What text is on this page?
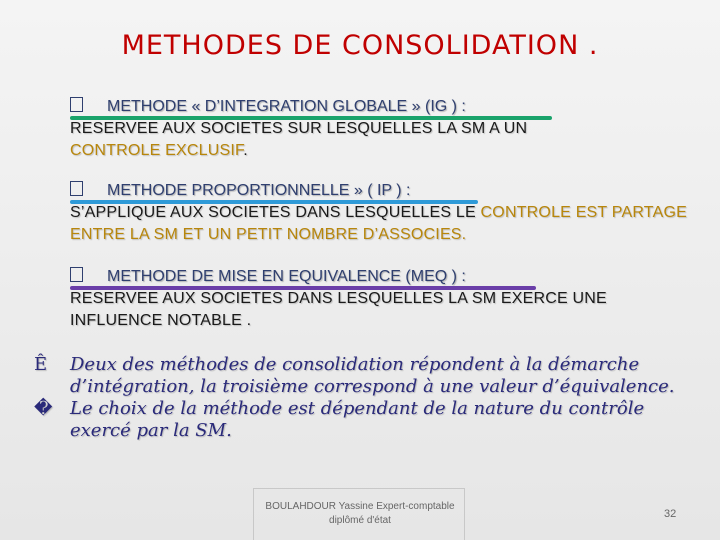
METHODES DE CONSOLIDATION .
METHODE « D’INTEGRATION GLOBALE » (IG ) :
RESERVEE AUX SOCIETES SUR LESQUELLES LA SM A UN
CONTROLE EXCLUSIF.
METHODE PROPORTIONNELLE » ( IP ) :
S’APPLIQUE AUX SOCIETES DANS LESQUELLES LE CONTROLE EST PARTAGE ENTRE LA SM ET UN PETIT NOMBRE D’ASSOCIES.
METHODE DE MISE EN EQUIVALENCE (MEQ ) :
RESERVEE AUX SOCIETES DANS LESQUELLES LA SM EXERCE UNE
INFLUENCE NOTABLE .
Ê Deux des méthodes de consolidation répondent à la démarche d’intégration, la troisième correspond à une valeur d’équivalence.
� Le choix de la méthode est dépendant de la nature du contrôle exercé par la SM.
BOULAHDOUR Yassine Expert-comptable diplômé d'état
32
